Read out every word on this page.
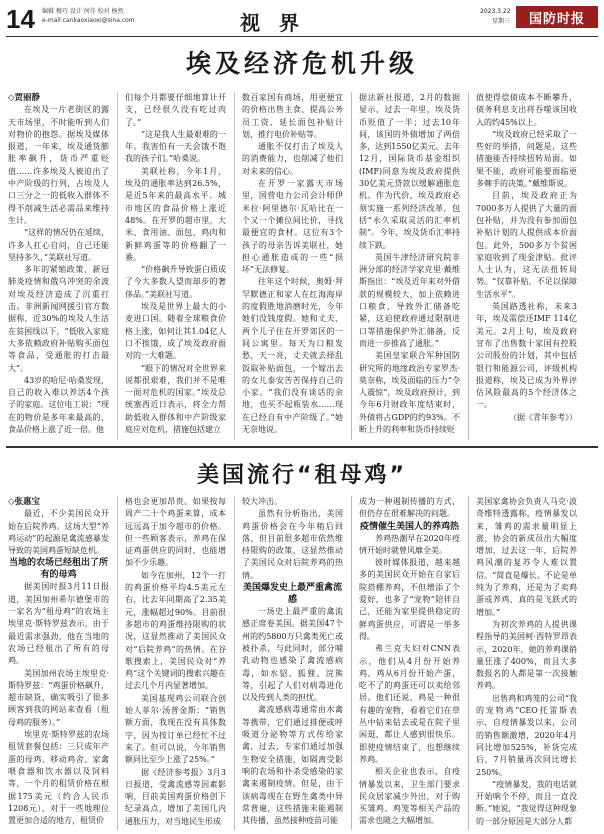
14 编辑 穆巧 设计 何佳 校对 杨然
e-mail:cankaoxiaoxi@sina.com	视 界	2023.3.22
星期三	国防时报
埃及经济危机升级

◇贾丽静

在埃及一片老街区的露天市场里，不时能听到人们对物价的抱怨。据埃及媒体报道，一年来，埃及通货膨胀率飙升，货币严重贬值……许多埃及人被迫出了中产阶级的行列，占埃及人口三分之一的低收入群体不得不削减生活必需品来维持生计。

“这样的情况仍在延续，许多人扛心自问，自己还能坚持多久，”美联社写道。

多年的紧缩政策、新冠肺炎疫情和俄乌冲突的余波对埃及经济造成了沉重打击。非洲新闻网援引官方数据称，近30%的埃及人生活在贫困线以下，“低收入家庭大多依赖政府补贴购买面包等食品，受通胀的打击最大”。

43岁的哈尼·哈桑发现，自己的收入难以养活4个孩子的家庭。这位电工说：“现在的物价是多年来最高的，食品价格上涨了近一倍。他

们每个月都要仔细地算计开支，已经很久没有吃过肉了。”

“这是我人生最艰难的一年。我害怕有一天会饿不饱我的孩子们。”哈桑说。

美联社称，今年1月，埃及的通胀率达到26.5%，是近5年来的最高水平。城市地区的食品价格上涨近48%。在开罗的超市里，大米、食用油、面包、鸡肉和新鲜鸡蛋等的价格翻了一番。

“价格飙升导致蛋白质成了今大多数人望而却步的奢侈品。”美联社写道。

埃及是世界上最大的小麦进口国。随着全球粮食价格上涨，如何让其1.04亿人口不挨饿，成了埃及政府面对的一大难题。

“眼下的情况对全世界来说都很艰难，我们并不是唯一面对危机的国家。”埃及总统塞西近日表示，将全力帮助低收入群体和中产阶级家庭应对危机，措施包括建立

数百家国有商场，用更便宜的价格出售主食、提高公务员工资、延长面包补贴计划，推行电价补贴等。

通胀不仅打击了埃及人的消费能力，也削减了他们对未来的信心。

在开罗一家露天市场里，国营电力公司会计师伊米拉·阿里德尔·瓦哈比在一个又一个摊位间比价，寻找最便宜的食材。这位有3个孩子的母亲告诉美联社，她担心通胀造成的一些“损坏”无法修复。

往年这个时候，奥姆·拜罕默德正和家人在红海海岸的度假胜地消磨时光，今年她们没钱度假。她和丈夫、两个儿子住在开罗郊区的一间公寓里。每天为口粮发愁，天一亮，丈夫就去择乱饭取补贴面包，一个嫁出去的女儿泰安苦苦保持自己的小家。“我们没有谈话的余地，也买不起瓶装水……现在已经自有中产阶级了。”她无奈地说。

据法新社报道，2月的数据显示，过去一年里，埃及货币贬值了一半；过去10年间，该国的外债增加了两倍多，达到1550亿美元。去年12月，国际货币基金组织(IMF)同意为埃及政府提供30亿美元贷款以缓解通胀危机。作为代价，埃及政府必须实施一系列经济改革，包括“永久采取灵活的汇率机制”。今年，埃及货币汇率持续下跌。

英国牛津经济研究院非洲分部的经济学家克里·戴维斯指出：“埃及近年来对外借款的规模较大，加上依赖进口粮食，导致外汇储备吃紧，这迫使政府通过限制进口等措施保护外汇储备，反而进一步推高了通胀。”

美国皇家联合军种国防研究所的地缘政治专家罗杰·莫奈称，埃及面临的压力“令人震惊”，埃及政府预计，到今年6月财政年度结束时，外债将占GDP的约93%。不断上升的利率和货币持续贬

值使得偿债成本不断攀升，债务利息支出将吞噬该国收入的约45%以上。

“埃及政府已经采取了一些好的举措，问题是，这些措施能否持续扭转局面。如果不能，政府可能要面临更多棘手的决策。”戴维斯说。

目前，埃及政府正为7000多万人提供了大量的面包补贴，并为没有参加面包补贴计划的人提供成本价面包。此外，500多万个贫困家庭收到了现金津贴。批评人士认为，这无法扭转局势。“仅靠补贴，不足以保障生活水平”。

英国路透社称，未来3年，埃及需偿还IMF 114亿美元。2月上旬，埃及政府宣布了出售数十家国有控股公司股份的计划，其中包括银行和能源公司，评级机构报道称，埃及已成为外界评估风险最高的5个经济体之一。

（据《青年参考》）

美国流行“租母鸡”

◇张惠宝

最近，不少美国民众开始在后院养鸡。这场大型“养鸡运动”的起源是禽流感暴发导致的美国鸡蛋短缺危机。

当地的农场已经租出了所有的母鸡

据美国时报3月11日报道，美国加州希尔德堡市的一家名为“租母鸡”的农场主埃里克·斯特罗兹表示，由于最近需求强劲，他在当地的农场已经租出了所有的母鸡。

美国加州农场主埃里克·斯特罗兹：“鸡蛋价格飙升，超市缺货，确实吸引了很多顾客到我的网站来查看（租母鸡的服务）。”

埃里克·斯特罗兹的农场租赁套餐包括：三只成年产蛋的母鸡、移动鸡舍、家禽喂食器和饮水器以及饲料等，一个月的租赁价格在根据175美元（约合人民币1208元），对于一些地理位置更加合适的地方，租赁价

格也会更加昂贵。如果按每周产二十个鸡蛋来算，成本远远高于加今超市的价格。但一些顾客表示，养鸡在保证鸡蛋供应的同时，也能增加不少乐趣。

如今在加州，12个一打的鸡蛋价格平均4.5美元左右，比去年同期高了2.35美元，涨幅超过90%。目前很多超市的鸡蛋维持限购的状况，这显然推动了美国民众对“后院养鸡”的热情。在谷歌搜索上，美国民众对“养鸡”这个关键词的搜索兴趣在过去几个月内显著增加。

美国基现鸡公司联合创始人菲尔·汤普金斯：“销售额方面，我现在没有具体数字，因为按订单已经忙不过来了。但可以说，今年销售额同比至少上涨了25%。”

据《经济参考报》3月3日报道，受禽流感等因素影响，目前美国鸡蛋价格创下纪录高点，增加了美国几内通胀压力，对当地民生形成

较大冲击。

虽然有分析指出，美国鸡蛋价格会在今年稍后回落，但目前很多超市依然维持限购的政策，这显然推动了美国民众对后院养鸡的热情。

美国爆发史上最严重禽流感

一场史上最严重的禽流感正席卷美国。据美国47个州的约5800万只禽类死亡或被扑杀，与此同时，部分哺乳动物也感染了禽流感病毒，如水貂、狐狸、浣熊等，引起了人们对病毒进化以及传到人类的担忧。

禽流感病毒通常由水禽等携带，它们通过排便或呼吸道分泌物等方式传给家禽，过去，专家们通过加强生物安全措施，如隔离受影响的农场和扑杀受感染的家禽来遏制疫情。但是，由于该病毒现在在野生禽类中异常普遍，这些措施未能遏制其传播，虽然接种疫苗可能

成为一种遏制传播的方式，但仍存在很难解决的问题。

疫情催生美国人的养鸡热

养鸡热潮早在2020年疫情开始时就曾风靡全美。

彼时媒体报道，越来越多的美国民众开始在自家后院搭棚养鸡，不但增添了个爱好，也多了“宠物”陪伴自己，还能为家里提供稳定的鲜鸡蛋供应，可谓是一举多得。

弗兰克夫妇对CNN表示，他们从4月份开始养鸡，鸡从6月份开始产蛋，吃不了的鸡蛋还可以卖给邻居。他们还说，鸡是一种很有趣的宠物，看着它们在草丛中钻来钻去或是在院子里闲逛，都让人感到很快乐。即使疫情结束了，也想继续养鸡。

相关企业也表示，自疫情暴发以来，卫生部门要求民众居家减少外出，对于购买雏鸡、鸡笼等相关产品的需求也随之大幅增加。

美国家禽协会负责人马克·波奇维特透露称，疫情暴发以来，雏鸡的需求量明显上涨，协会的新成员出大幅度增加，过去这一年，后院养鸡风潮的复苏令人难以置信。“简直是爆长。不论是单纯为了养鸡，还是为了卖鸡蛋或养鸡，真的是飞跃式的增加。”

为初次养鸡的人提供课程指导的美国柯·西特罗昂表示，2020年，她的养鸡课销量狂涨了400%，而且大多数报名的人都是第一次接触养鸡。

出售鸡和鸡笼的公司“我的宠物鸡”CEO托雷斯表示，自疫情暴发以来，公司的销售额激增，2020年4月同比增加525%，补货完成后，7月销量再次同比增长250%。

“疫情暴发，我的电话就开始响个不停，而且一直没断。”她说，“我觉得这种现象的一部分原因是大部分人都
